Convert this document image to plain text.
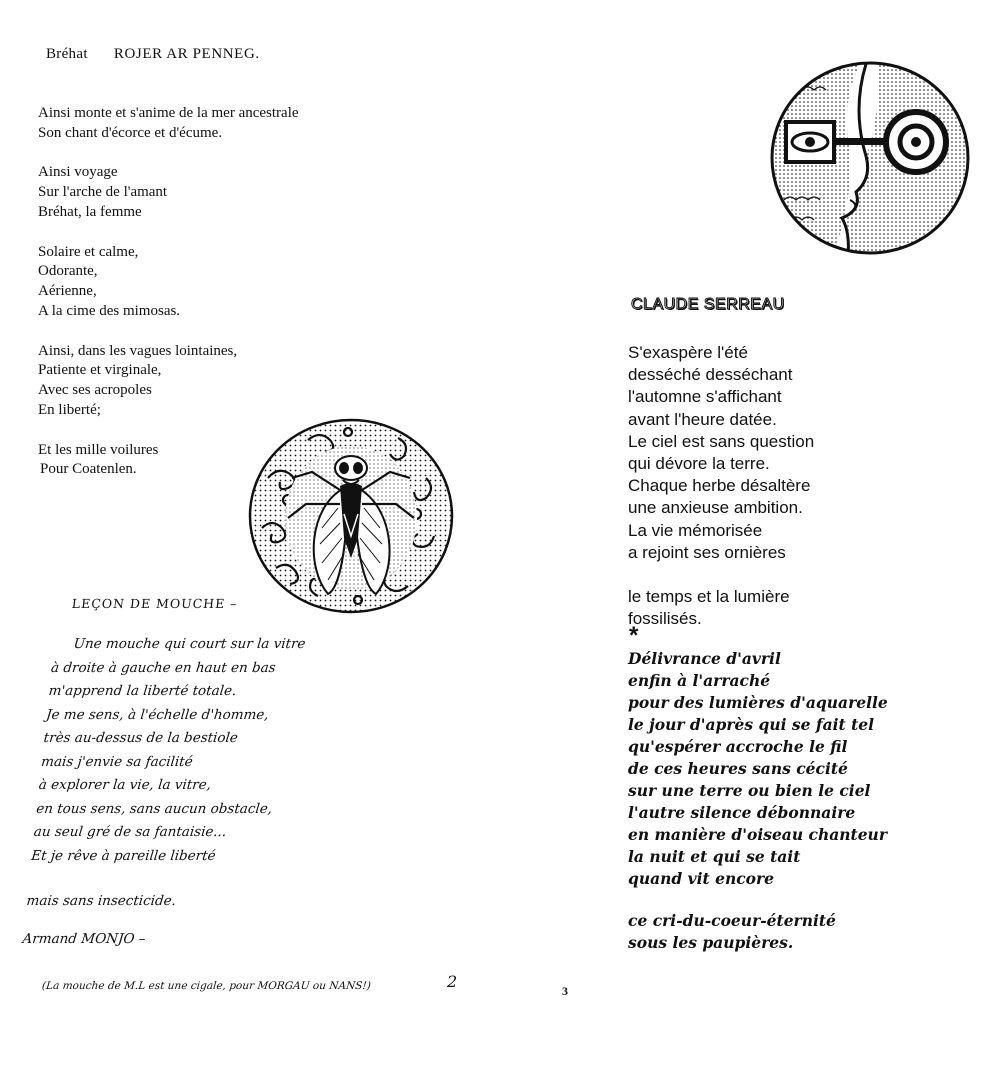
Bréhat ROJER AR PENNEG.
Ainsi monte et s'anime de la mer ancestrale
Son chant d'écorce et d'écume.
Ainsi voyage
Sur l'arche de l'amant
Bréhat, la femme
Solaire et calme,
Odorante,
Aérienne,
A la cime des mimosas.
Ainsi, dans les vagues lointaines,
Patiente et virginale,
Avec ses acropoles
En liberté;
Et les mille voilures
Pour Coatenlen.
LEÇON DE MOUCHE –
Une mouche qui court sur la vitre
à droite à gauche en haut en bas
m'apprend la liberté totale.
Je me sens, à l'échelle d'homme,
très au-dessus de la bestiole
mais j'envie sa facilité
à explorer la vie, la vitre,
en tous sens, sans aucun obstacle,
au seul gré de sa fantaisie...
Et je rêve à pareille liberté
mais sans insecticide.
Armand MONJO –
(La mouche de M.L est une cigale, pour MORGAU ou NANS!)	2	3
CLAUDE SERREAU
S'exaspère l'été
desséché desséchant
l'automne s'affichant
avant l'heure datée.
Le ciel est sans question
qui dévore la terre.
Chaque herbe désaltère
une anxieuse ambition.
La vie mémorisée
a rejoint ses ornières
le temps et la lumière
fossilisés.
*
Délivrance d'avril
enfin à l'arraché
pour des lumières d'aquarelle
le jour d'après qui se fait tel
qu'espérer accroche le fil
de ces heures sans cécité
sur une terre ou bien le ciel
l'autre silence débonnaire
en manière d'oiseau chanteur
la nuit et qui se tait
quand vit encore
ce cri-du-coeur-éternité
sous les paupières.
